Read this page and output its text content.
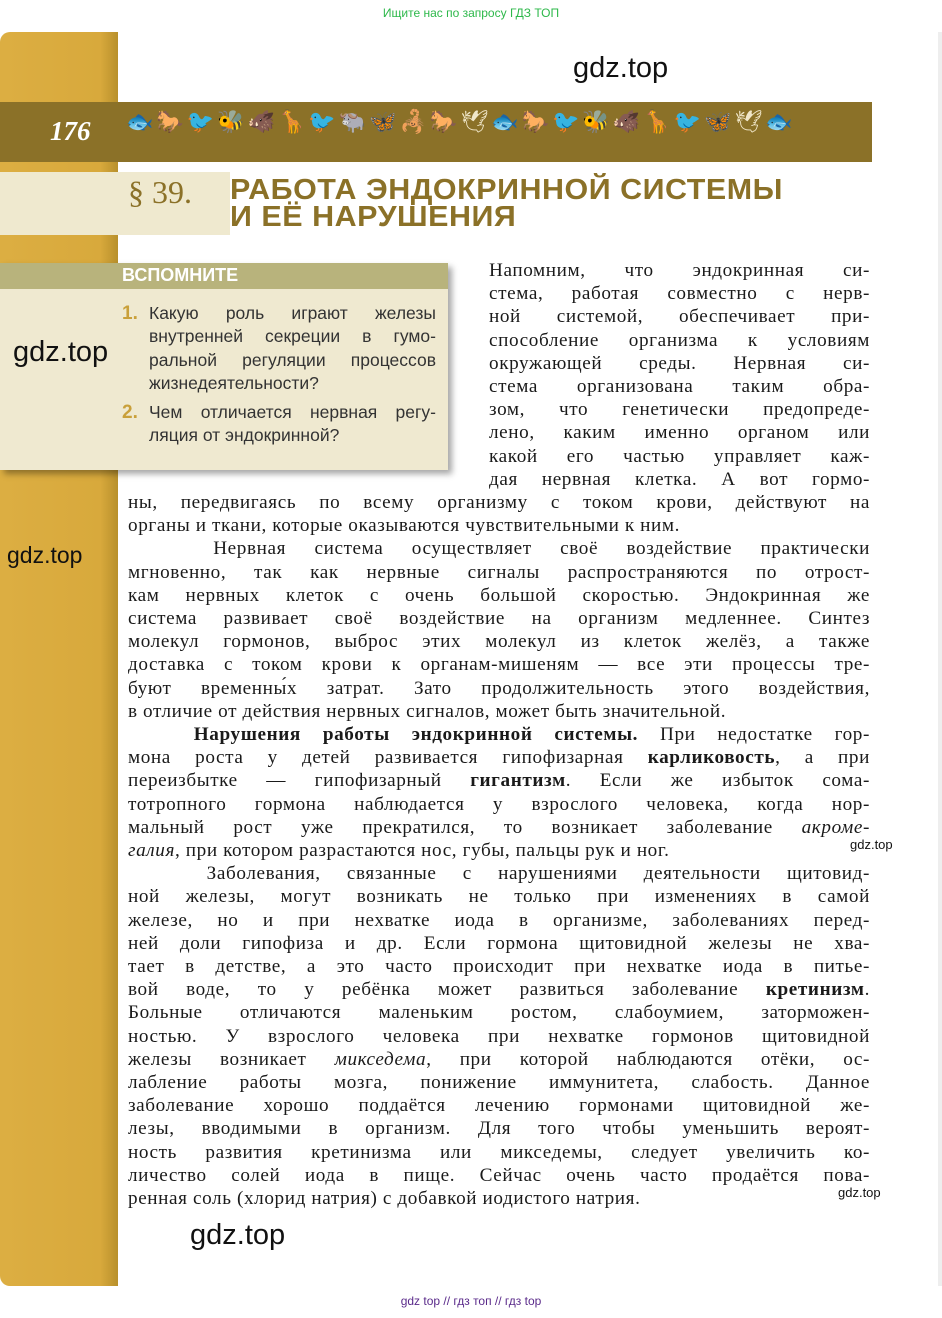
Ищите нас по запросу ГДЗ ТОП
176 🐟🐎🐦🐝🐗🦒🐦🐃🦋🦂🐎🕊🐟🐎🐦🐝🐗🦒🐦🦋🕊🐟
§ 39. РАБОТА ЭНДОКРИННОЙ СИСТЕМЫ
И ЕЁ НАРУШЕНИЯ
ВСПОМНИТЕ
1. Какую роль играют железы внутренней секреции в гуморальной регуляции процессов жизнедеятельности?
2. Чем отличается нервная регуляция от эндокринной?
Напомним, что эндокринная си-
стема, работая совместно с нерв-
ной системой, обеспечивает при-
способление организма к условиям
окружающей среды. Нервная си-
стема организована таким обра-
зом, что генетически предопреде-
лено, каким именно органом или
какой его частью управляет каж-
дая нервная клетка. А вот гормо-
ны, передвигаясь по всему организму с током крови, действуют на
органы и ткани, которые оказываются чувствительными к ним.
Нервная система осуществляет своё воздействие практически
мгновенно, так как нервные сигналы распространяются по отрост-
кам нервных клеток с очень большой скоростью. Эндокринная же
система развивает своё воздействие на организм медленнее. Синтез
молекул гормонов, выброс этих молекул из клеток желёз, а также
доставка с током крови к органам-мишеням — все эти процессы тре-
буют временны́х затрат. Зато продолжительность этого воздействия,
в отличие от действия нервных сигналов, может быть значительной.
Нарушения работы эндокринной системы. При недостатке гор-
мона роста у детей развивается гипофизарная карликовость, а при
переизбытке — гипофизарный гигантизм. Если же избыток сома-
тотропного гормона наблюдается у взрослого человека, когда нор-
мальный рост уже прекратился, то возникает заболевание акроме-
галия, при котором разрастаются нос, губы, пальцы рук и ног.
Заболевания, связанные с нарушениями деятельности щитовид-
ной железы, могут возникать не только при изменениях в самой
железе, но и при нехватке иода в организме, заболеваниях перед-
ней доли гипофиза и др. Если гормона щитовидной железы не хва-
тает в детстве, а это часто происходит при нехватке иода в питье-
вой воде, то у ребёнка может развиться заболевание кретинизм.
Больные отличаются маленьким ростом, слабоумием, заторможен-
ностью. У взрослого человека при нехватке гормонов щитовидной
железы возникает микседема, при которой наблюдаются отёки, ос-
лабление работы мозга, понижение иммунитета, слабость. Данное
заболевание хорошо поддаётся лечению гормонами щитовидной же-
лезы, вводимыми в организм. Для того чтобы уменьшить вероят-
ность развития кретинизма или микседемы, следует увеличить ко-
личество солей иода в пище. Сейчас очень часто продаётся пова-
ренная соль (хлорид натрия) с добавкой иодистого натрия.
gdz.top
gdz.top
gdz.top
gdz.top
gdz.top
gdz.top
gdz top // гдз топ // гдз top
